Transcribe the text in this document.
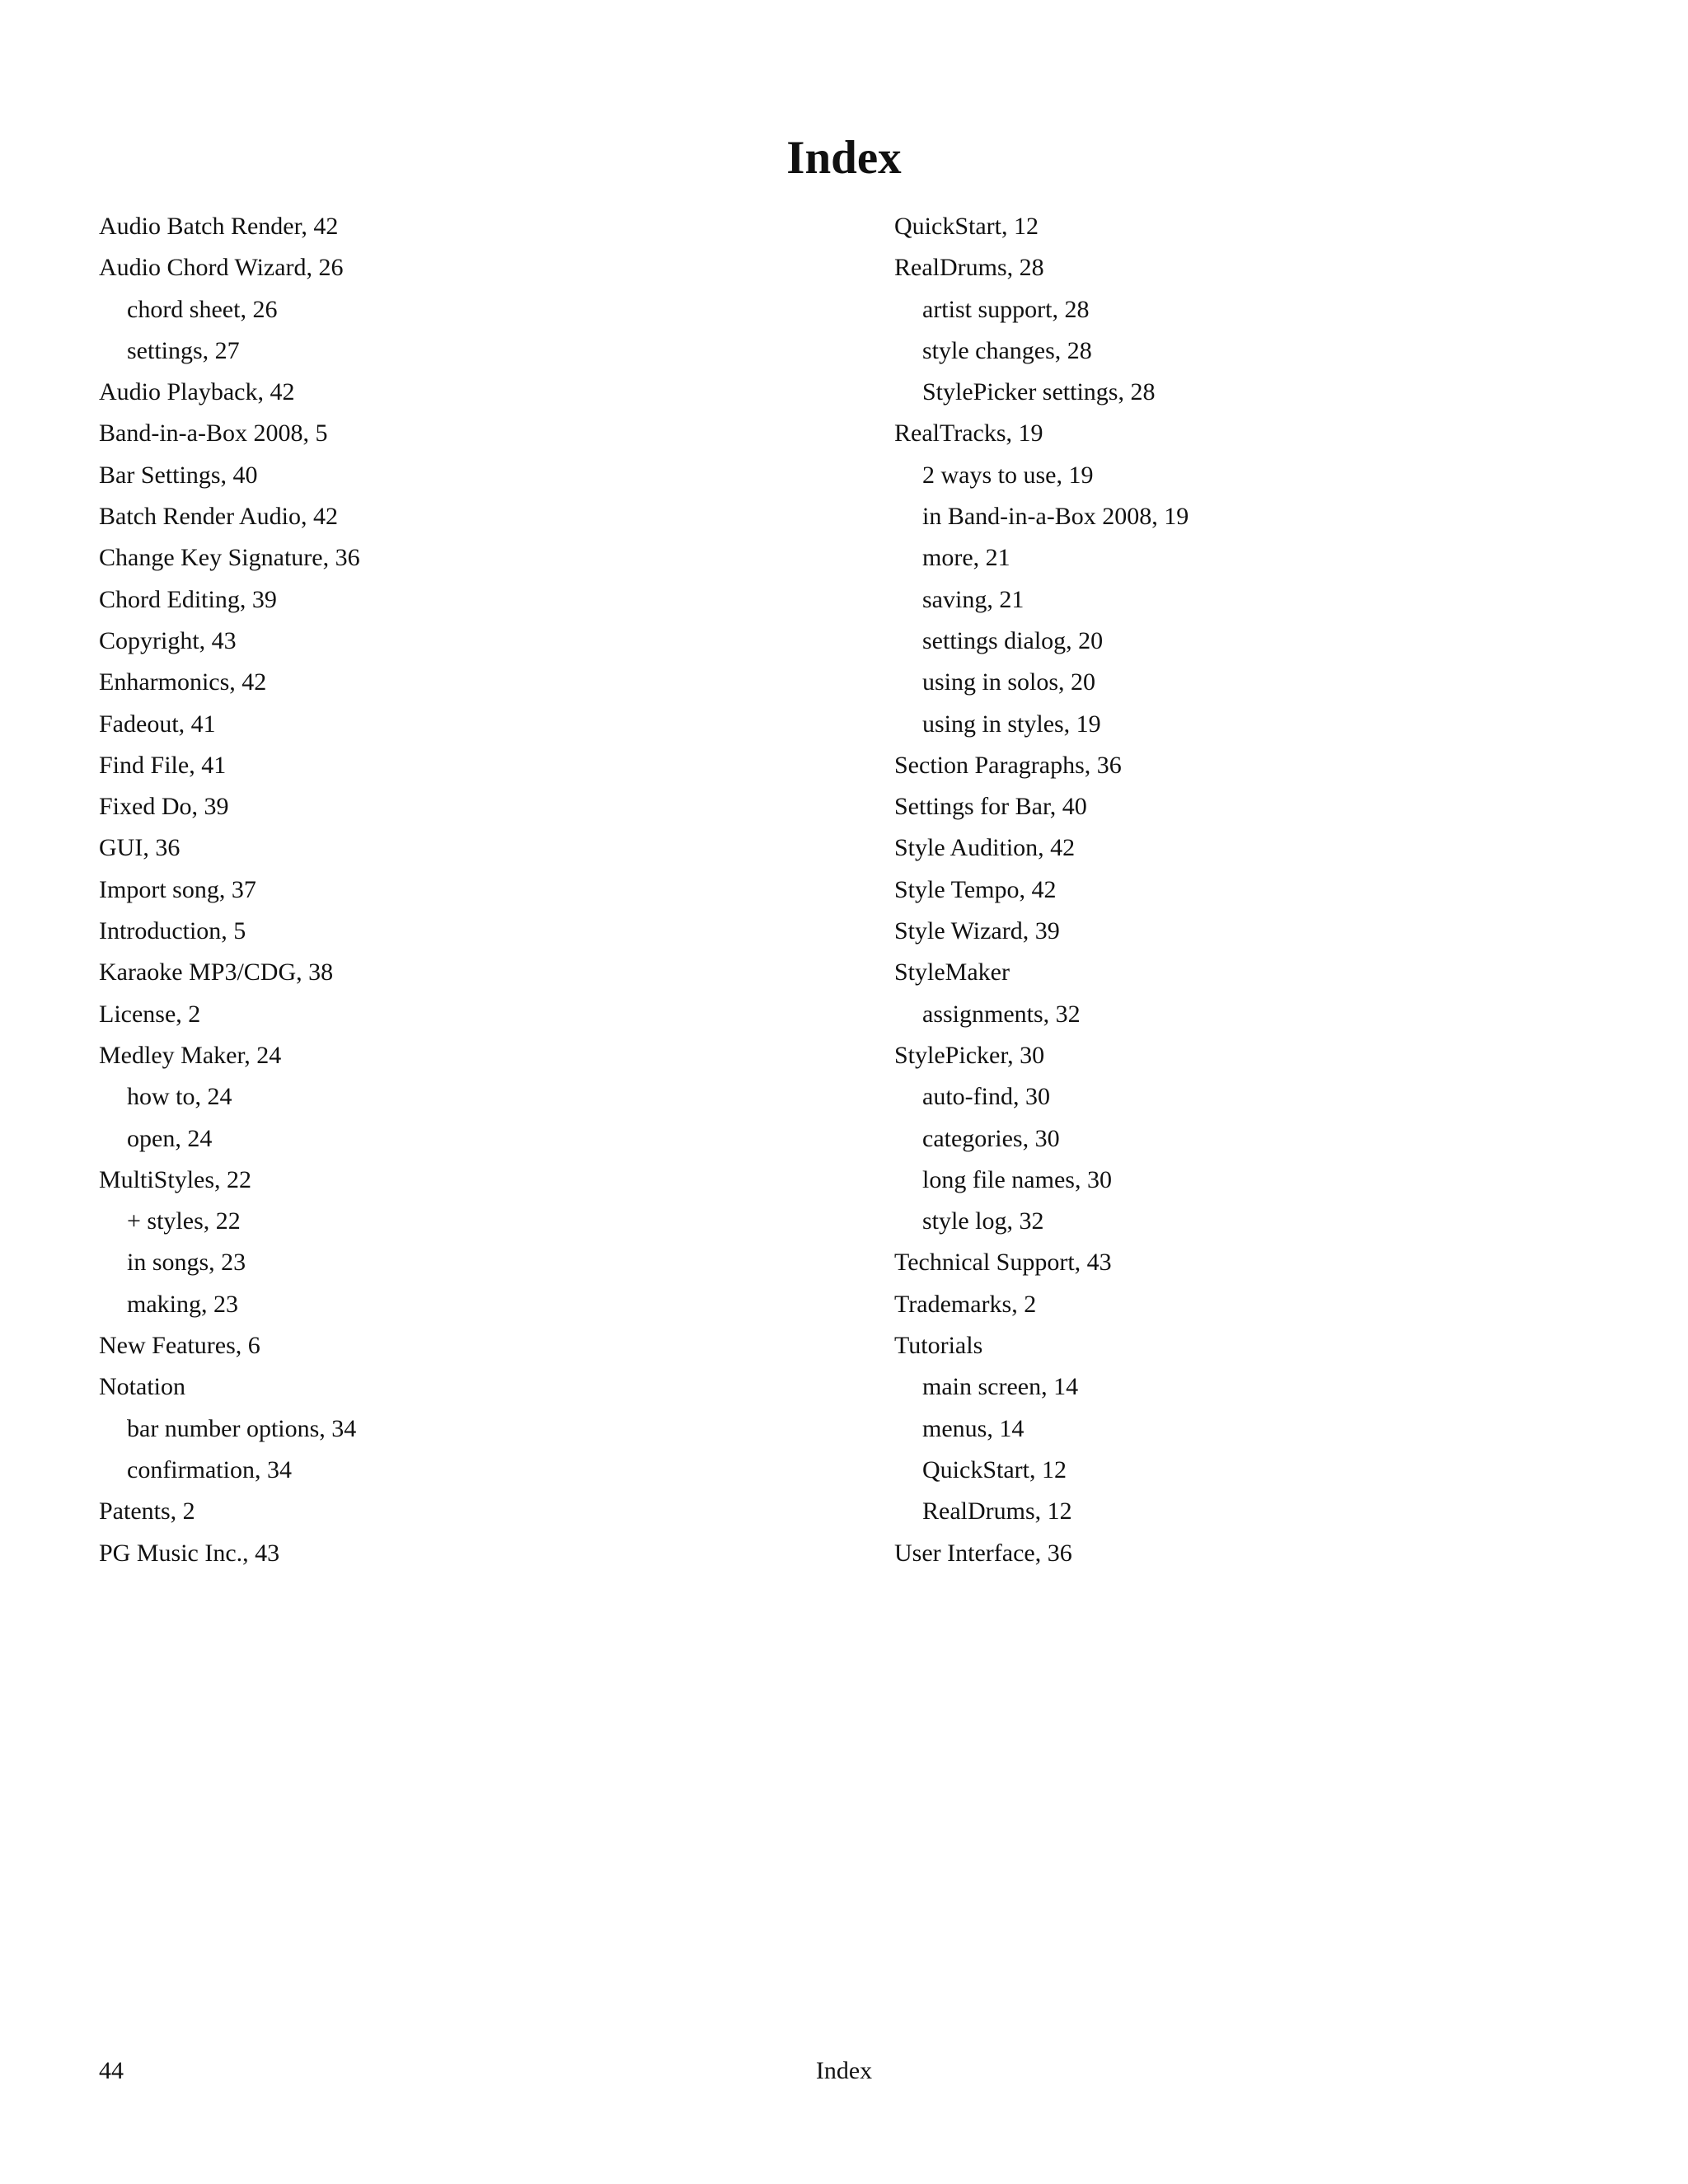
Index
Audio Batch Render, 42
Audio Chord Wizard, 26
chord sheet, 26
settings, 27
Audio Playback, 42
Band-in-a-Box 2008, 5
Bar Settings, 40
Batch Render Audio, 42
Change Key Signature, 36
Chord Editing, 39
Copyright, 43
Enharmonics, 42
Fadeout, 41
Find File, 41
Fixed Do, 39
GUI, 36
Import song, 37
Introduction, 5
Karaoke MP3/CDG, 38
License, 2
Medley Maker, 24
how to, 24
open, 24
MultiStyles, 22
+ styles, 22
in songs, 23
making, 23
New Features, 6
Notation
bar number options, 34
confirmation, 34
Patents, 2
PG Music Inc., 43
QuickStart, 12
RealDrums, 28
artist support, 28
style changes, 28
StylePicker settings, 28
RealTracks, 19
2 ways to use, 19
in Band-in-a-Box 2008, 19
more, 21
saving, 21
settings dialog, 20
using in solos, 20
using in styles, 19
Section Paragraphs, 36
Settings for Bar, 40
Style Audition, 42
Style Tempo, 42
Style Wizard, 39
StyleMaker
assignments, 32
StylePicker, 30
auto-find, 30
categories, 30
long file names, 30
style log, 32
Technical Support, 43
Trademarks, 2
Tutorials
main screen, 14
menus, 14
QuickStart, 12
RealDrums, 12
User Interface, 36
44	Index
